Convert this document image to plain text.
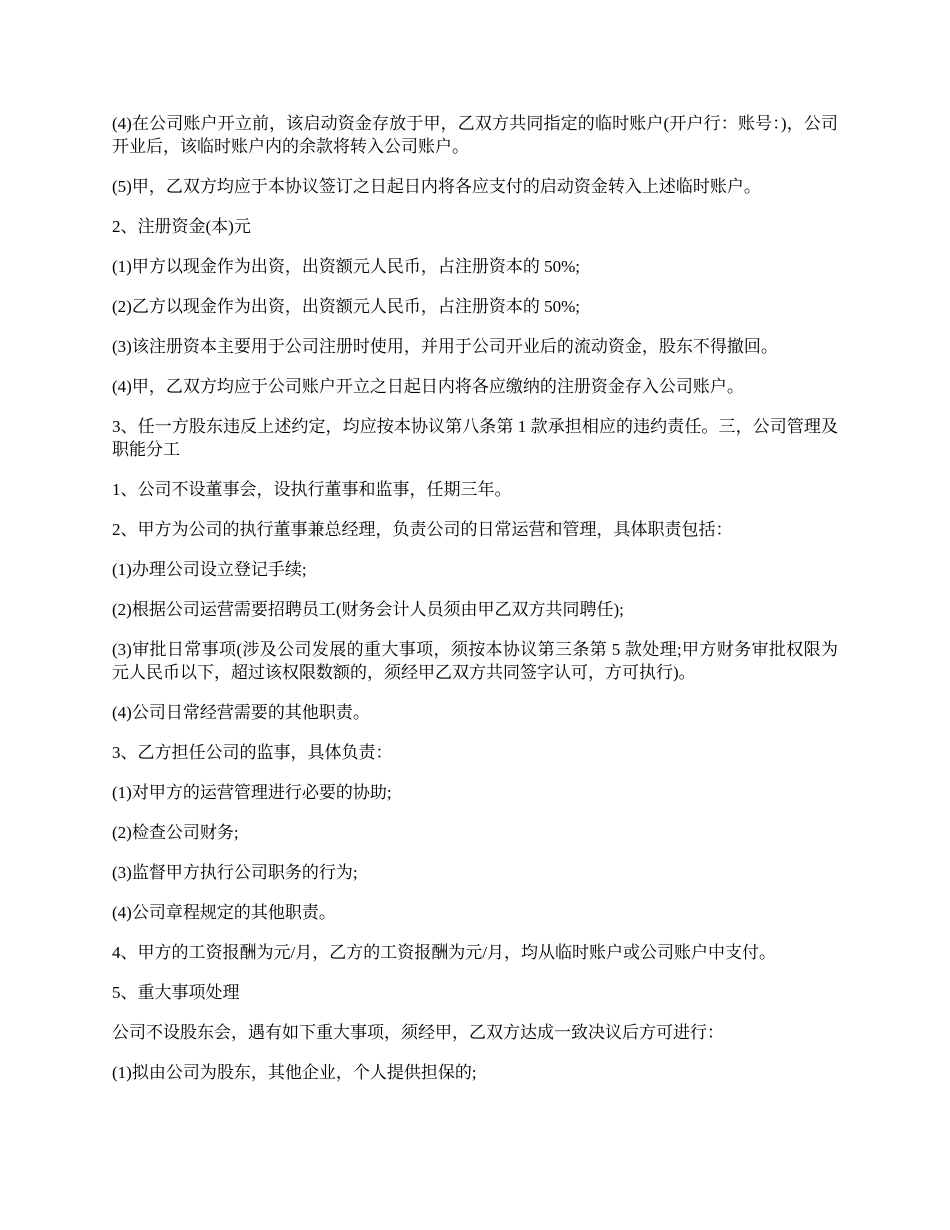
(4)在公司账户开立前，该启动资金存放于甲，乙双方共同指定的临时账户(开户行：账号：)，公司开业后，该临时账户内的余款将转入公司账户。

(5)甲，乙双方均应于本协议签订之日起日内将各应支付的启动资金转入上述临时账户。

2、注册资金(本)元

(1)甲方以现金作为出资，出资额元人民币，占注册资本的 50%;

(2)乙方以现金作为出资，出资额元人民币，占注册资本的 50%;

(3)该注册资本主要用于公司注册时使用，并用于公司开业后的流动资金，股东不得撤回。

(4)甲，乙双方均应于公司账户开立之日起日内将各应缴纳的注册资金存入公司账户。

3、任一方股东违反上述约定，均应按本协议第八条第 1 款承担相应的违约责任。三，公司管理及职能分工

1、公司不设董事会，设执行董事和监事，任期三年。

2、甲方为公司的执行董事兼总经理，负责公司的日常运营和管理，具体职责包括：

(1)办理公司设立登记手续;

(2)根据公司运营需要招聘员工(财务会计人员须由甲乙双方共同聘任);

(3)审批日常事项(涉及公司发展的重大事项，须按本协议第三条第 5 款处理;甲方财务审批权限为元人民币以下，超过该权限数额的，须经甲乙双方共同签字认可，方可执行)。

(4)公司日常经营需要的其他职责。

3、乙方担任公司的监事，具体负责：

(1)对甲方的运营管理进行必要的协助;

(2)检查公司财务;

(3)监督甲方执行公司职务的行为;

(4)公司章程规定的其他职责。

4、甲方的工资报酬为元/月，乙方的工资报酬为元/月，均从临时账户或公司账户中支付。

5、重大事项处理

公司不设股东会，遇有如下重大事项，须经甲，乙双方达成一致决议后方可进行：

(1)拟由公司为股东，其他企业，个人提供担保的;
